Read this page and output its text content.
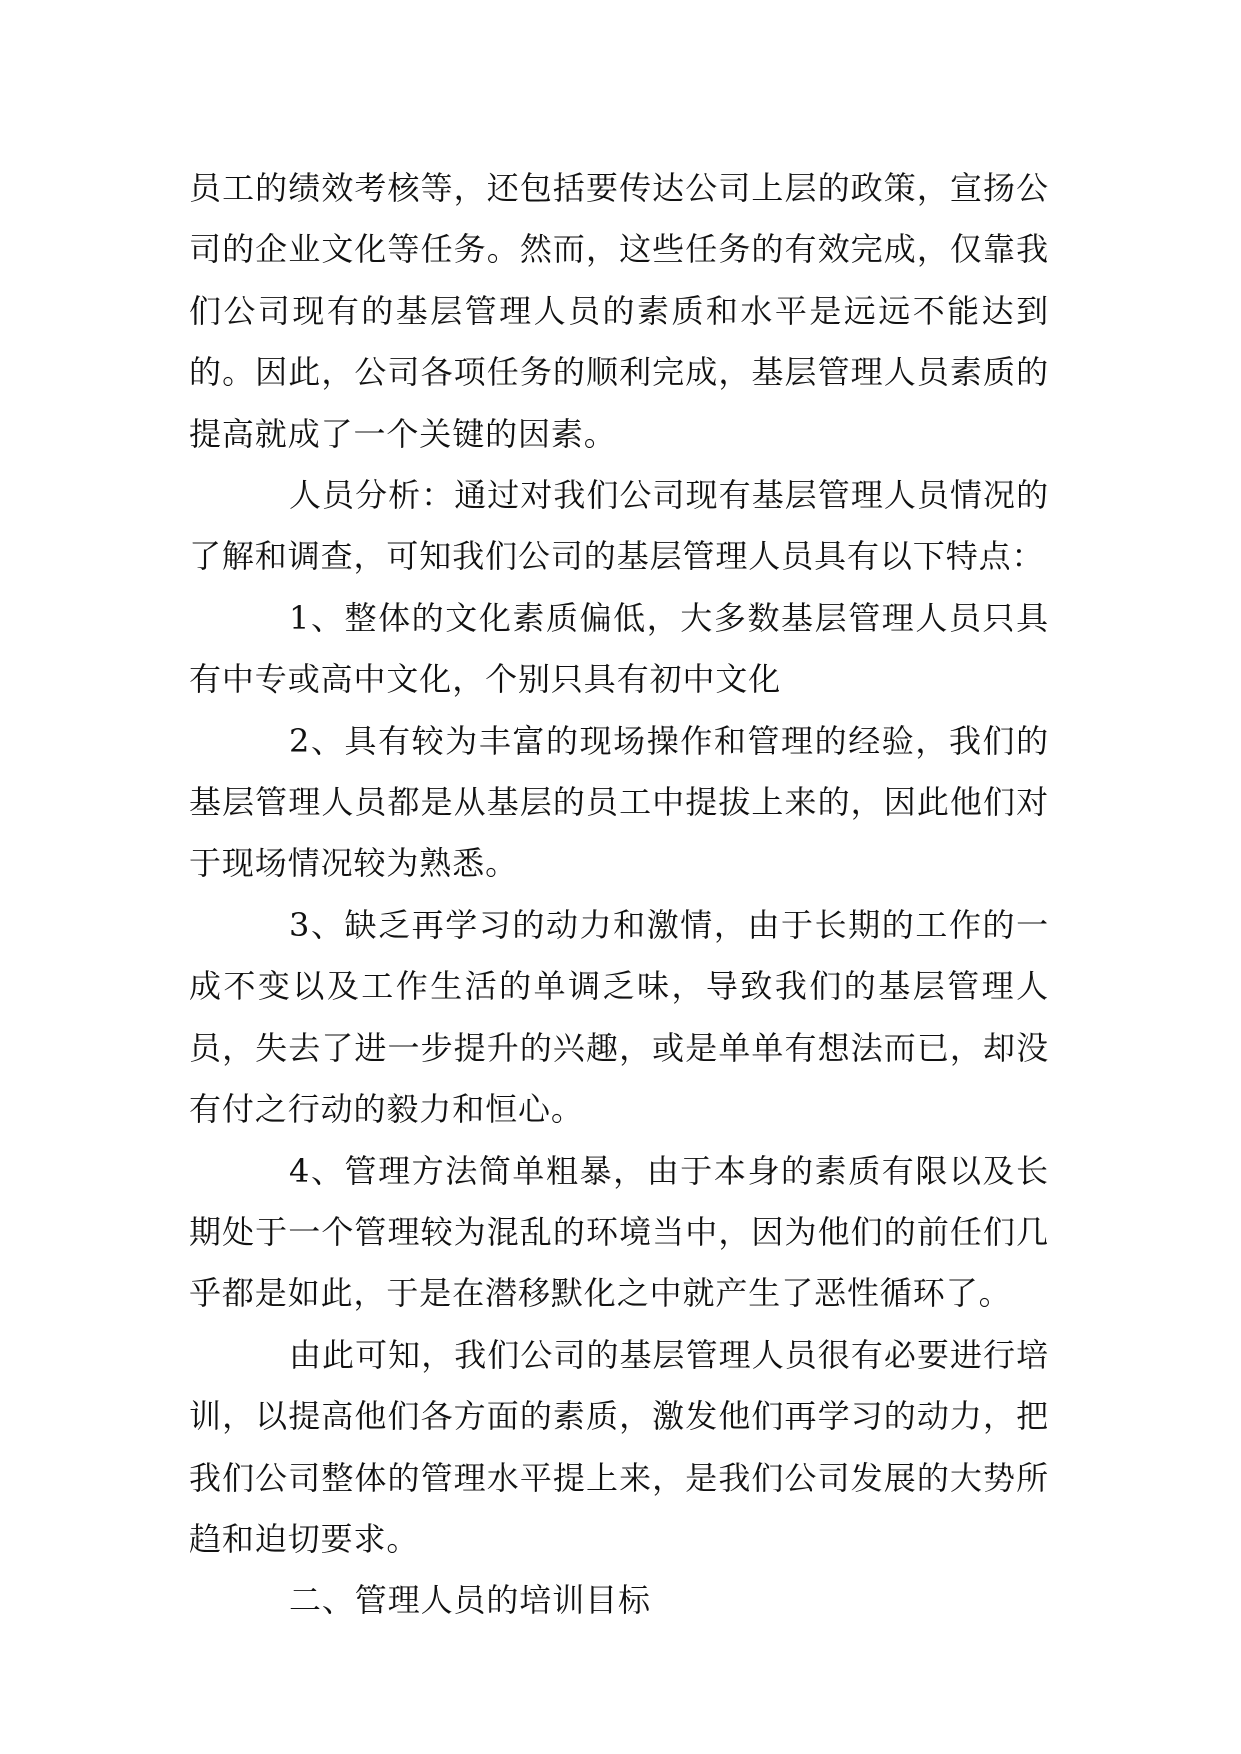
员工的绩效考核等，还包括要传达公司上层的政策，宣扬公司的企业文化等任务。然而，这些任务的有效完成，仅靠我们公司现有的基层管理人员的素质和水平是远远不能达到的。因此，公司各项任务的顺利完成，基层管理人员素质的提高就成了一个关键的因素。

人员分析：通过对我们公司现有基层管理人员情况的了解和调查，可知我们公司的基层管理人员具有以下特点：

1、整体的文化素质偏低，大多数基层管理人员只具有中专或高中文化，个别只具有初中文化

2、具有较为丰富的现场操作和管理的经验，我们的基层管理人员都是从基层的员工中提拔上来的，因此他们对于现场情况较为熟悉。

3、缺乏再学习的动力和激情，由于长期的工作的一成不变以及工作生活的单调乏味，导致我们的基层管理人员，失去了进一步提升的兴趣，或是单单有想法而已，却没有付之行动的毅力和恒心。

4、管理方法简单粗暴，由于本身的素质有限以及长期处于一个管理较为混乱的环境当中，因为他们的前任们几乎都是如此，于是在潜移默化之中就产生了恶性循环了。

由此可知，我们公司的基层管理人员很有必要进行培训，以提高他们各方面的素质，激发他们再学习的动力，把我们公司整体的管理水平提上来，是我们公司发展的大势所趋和迫切要求。

二、管理人员的培训目标
